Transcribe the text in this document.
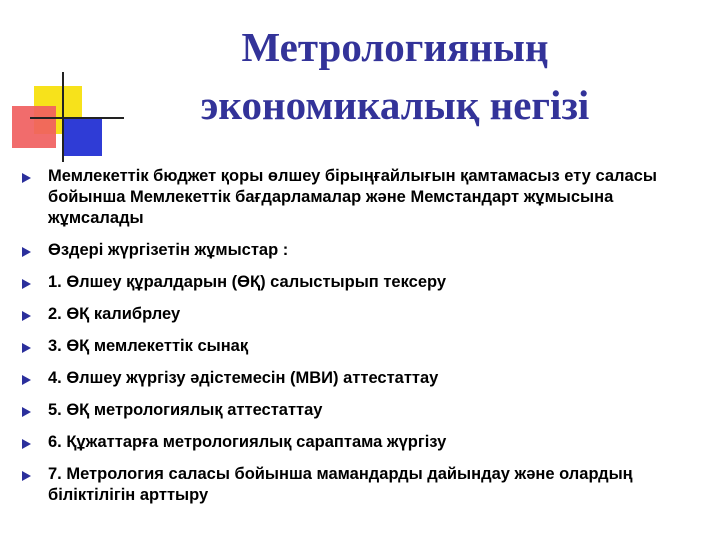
Метрологияның
экономикалық негізі
Мемлекеттік бюджет қоры өлшеу бірыңғайлығын қамтамасыз ету саласы бойынша Мемлекеттік бағдарламалар және Мемстандарт жұмысына жұмсалады
Өздері жүргізетін жұмыстар :
1. Өлшеу құралдарын (ӨҚ) салыстырып тексеру
2. ӨҚ калибрлеу
3. ӨҚ мемлекеттік сынақ
4. Өлшеу жүргізу әдістемесін (МВИ) аттестаттау
5. ӨҚ метрологиялық аттестаттау
6. Құжаттарға метрологиялық сараптама жүргізу
7. Метрология саласы бойынша мамандарды дайындау және олардың біліктілігін арттыру
